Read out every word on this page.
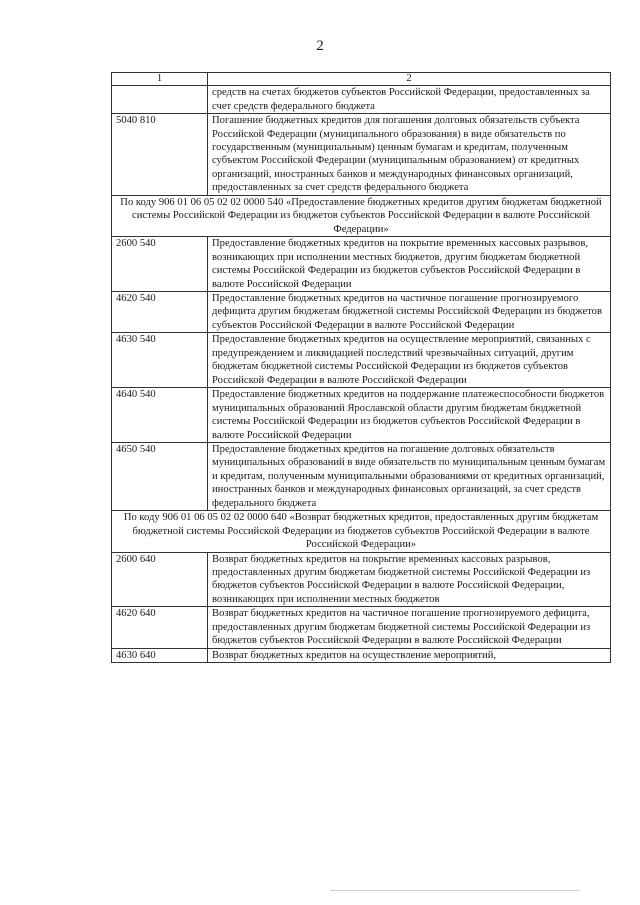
2
1	2
	средств на счетах бюджетов субъектов Российской Федерации, предоставленных за счет средств федерального бюджета
5040 810	Погашение бюджетных кредитов для погашения долговых обязательств субъекта Российской Федерации (муниципального образования) в виде обязательств по государственным (муниципальным) ценным бумагам и кредитам, полученным субъектом Российской Федерации (муниципальным образованием) от кредитных организаций, иностранных банков и международных финансовых организаций, предоставленных за счет средств федерального бюджета
По коду 906 01 06 05 02 02 0000 540 «Предоставление бюджетных кредитов другим бюджетам бюджетной системы Российской Федерации из бюджетов субъектов Российской Федерации в валюте Российской Федерации»	
2600 540	Предоставление бюджетных кредитов на покрытие временных кассовых разрывов, возникающих при исполнении местных бюджетов, другим бюджетам бюджетной системы Российской Федерации из бюджетов субъектов Российской Федерации в валюте Российской Федерации
4620 540	Предоставление бюджетных кредитов на частичное погашение прогнозируемого дефицита другим бюджетам бюджетной системы Российской Федерации из бюджетов субъектов Российской Федерации в валюте Российской Федерации
4630 540	Предоставление бюджетных кредитов на осуществление мероприятий, связанных с предупреждением и ликвидацией последствий чрезвычайных ситуаций, другим бюджетам бюджетной системы Российской Федерации из бюджетов субъектов Российской Федерации в валюте Российской Федерации
4640 540	Предоставление бюджетных кредитов на поддержание платежеспособности бюджетов муниципальных образований Ярославской области другим бюджетам бюджетной системы Российской Федерации из бюджетов субъектов Российской Федерации в валюте Российской Федерации
4650 540	Предоставление бюджетных кредитов на погашение долговых обязательств муниципальных образований в виде обязательств по муниципальным ценным бумагам и кредитам, полученным муниципальными образованиями от кредитных организаций, иностранных банков и международных финансовых организаций, за счет средств федерального бюджета
По коду 906 01 06 05 02 02 0000 640 «Возврат бюджетных кредитов, предоставленных другим бюджетам бюджетной системы Российской Федерации из бюджетов субъектов Российской Федерации в валюте Российской Федерации»	
2600 640	Возврат бюджетных кредитов на покрытие временных кассовых разрывов, предоставленных другим бюджетам бюджетной системы Российской Федерации из бюджетов субъектов Российской Федерации в валюте Российской Федерации, возникающих при исполнении местных бюджетов
4620 640	Возврат бюджетных кредитов на частичное погашение прогнозируемого дефицита, предоставленных другим бюджетам бюджетной системы Российской Федерации из бюджетов субъектов Российской Федерации в валюте Российской Федерации
4630 640	Возврат бюджетных кредитов на осуществление мероприятий,
